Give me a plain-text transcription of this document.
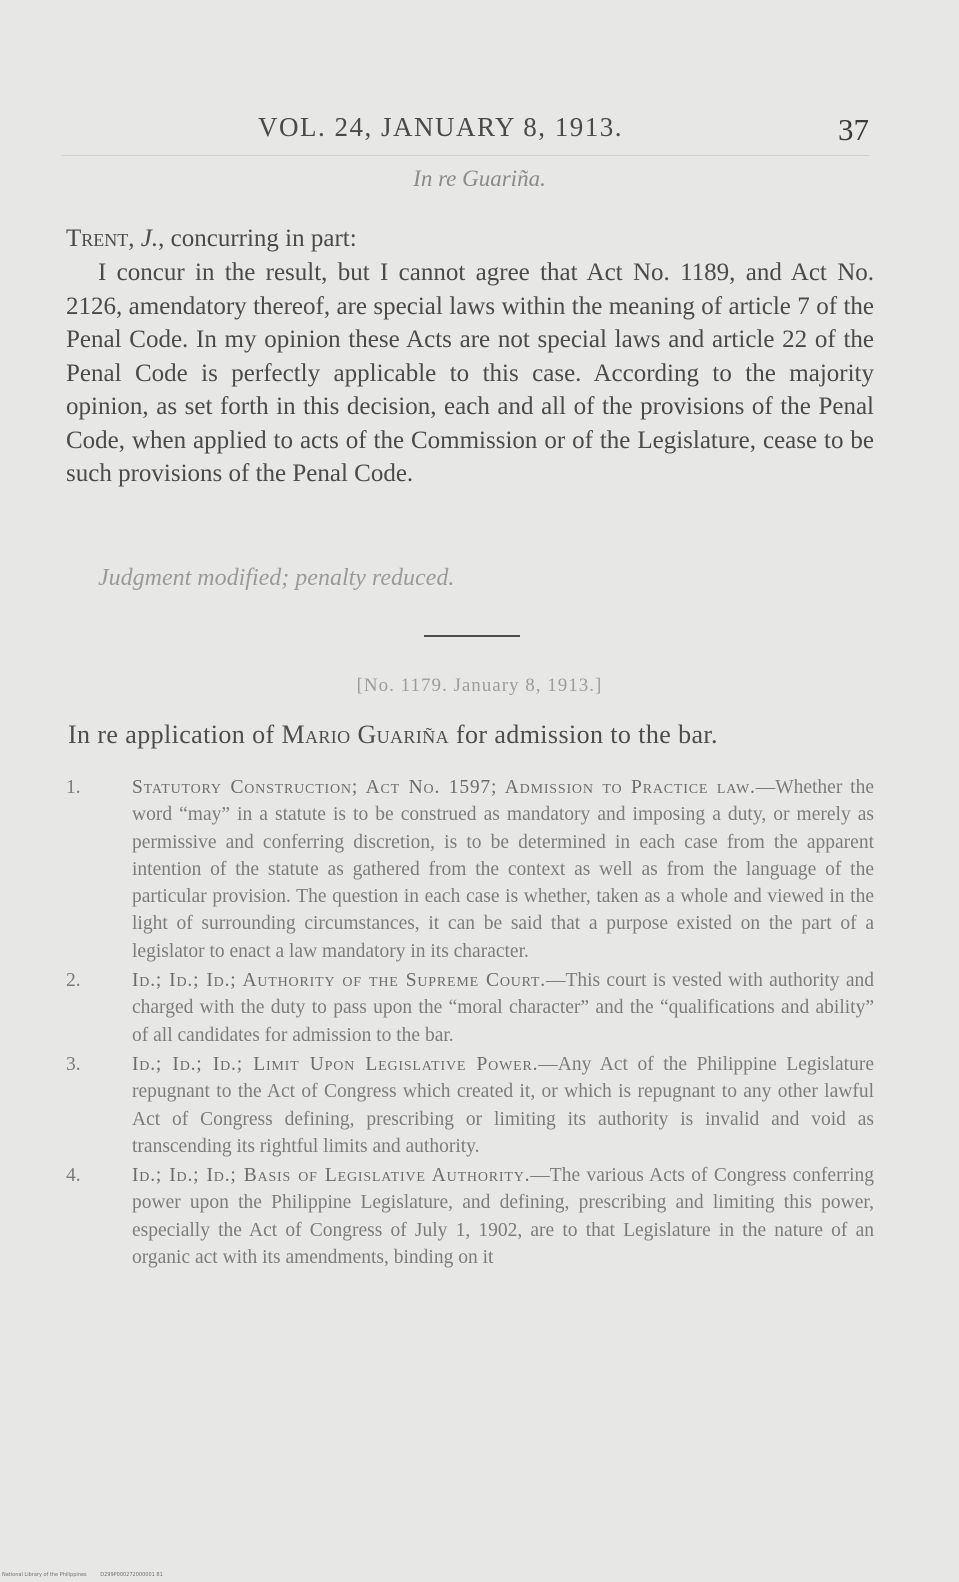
VOL. 24, JANUARY 8, 1913.	37
In re Guariña.
Trent, J., concurring in part:
I concur in the result, but I cannot agree that Act No. 1189, and Act No. 2126, amendatory thereof, are special laws within the meaning of article 7 of the Penal Code. In my opinion these Acts are not special laws and article 22 of the Penal Code is perfectly applicable to this case. According to the majority opinion, as set forth in this decision, each and all of the provisions of the Penal Code, when applied to acts of the Commission or of the Legislature, cease to be such provisions of the Penal Code.
Judgment modified; penalty reduced.
[No. 1179. January 8, 1913.]
In re application of Mario Guariña for admission to the bar.
1.	Statutory Construction; Act No. 1597; Admission to Practice law.—Whether the word “may” in a statute is to be construed as mandatory and imposing a duty, or merely as permissive and conferring discretion, is to be determined in each case from the apparent intention of the statute as gathered from the context as well as from the language of the particular provision. The question in each case is whether, taken as a whole and viewed in the light of surrounding circumstances, it can be said that a purpose existed on the part of a legislator to enact a law mandatory in its character.
2.	Id.; Id.; Id.; Authority of the Supreme Court.—This court is vested with authority and charged with the duty to pass upon the “moral character” and the “qualifications and ability” of all candidates for admission to the bar.
3.	Id.; Id.; Id.; Limit Upon Legislative Power.—Any Act of the Philippine Legislature repugnant to the Act of Congress which created it, or which is repugnant to any other lawful Act of Congress defining, prescribing or limiting its authority is invalid and void as transcending its rightful limits and authority.
4.	Id.; Id.; Id.; Basis of Legislative Authority.—The various Acts of Congress conferring power upon the Philippine Legislature, and defining, prescribing and limiting this power, especially the Act of Congress of July 1, 1902, are to that Legislature in the nature of an organic act with its amendments, binding on it
National Library of the Philippines	D299P000272000001 81
